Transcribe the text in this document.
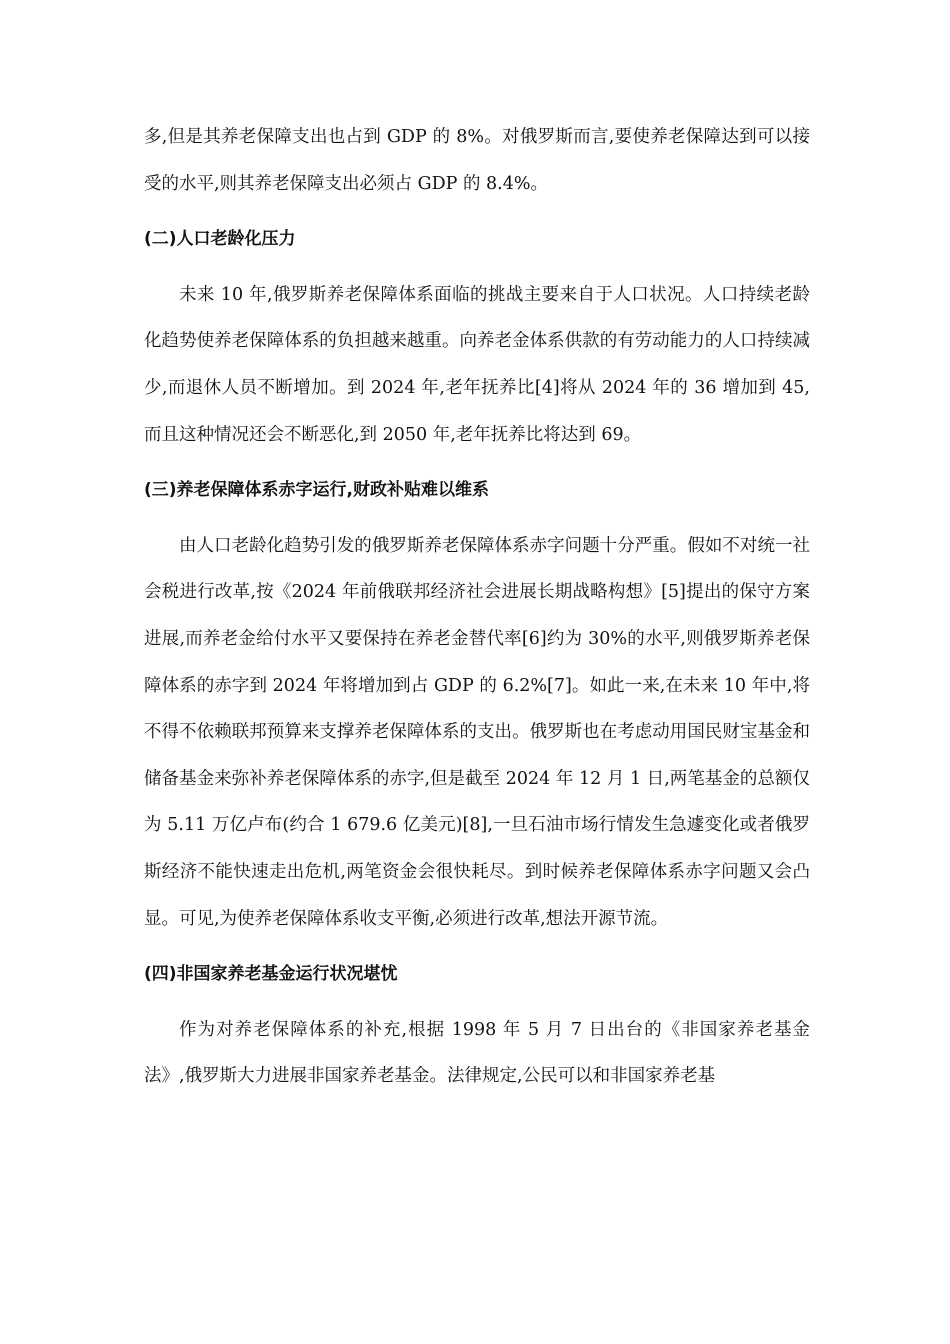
多,但是其养老保障支出也占到 GDP 的 8%。对俄罗斯而言,要使养老保障达到可以接受的水平,则其养老保障支出必须占 GDP 的 8.4%。

(二)人口老龄化压力

未来 10 年,俄罗斯养老保障体系面临的挑战主要来自于人口状况。人口持续老龄化趋势使养老保障体系的负担越来越重。向养老金体系供款的有劳动能力的人口持续减少,而退休人员不断增加。到 2024 年,老年抚养比[4]将从 2024 年的 36 增加到 45,而且这种情况还会不断恶化,到 2050 年,老年抚养比将达到 69。

(三)养老保障体系赤字运行,财政补贴难以维系

由人口老龄化趋势引发的俄罗斯养老保障体系赤字问题十分严重。假如不对统一社会税进行改革,按《2024 年前俄联邦经济社会进展长期战略构想》[5]提出的保守方案进展,而养老金给付水平又要保持在养老金替代率[6]约为 30%的水平,则俄罗斯养老保障体系的赤字到 2024 年将增加到占 GDP 的 6.2%[7]。如此一来,在未来 10 年中,将不得不依赖联邦预算来支撑养老保障体系的支出。俄罗斯也在考虑动用国民财宝基金和储备基金来弥补养老保障体系的赤字,但是截至 2024 年 12 月 1 日,两笔基金的总额仅为 5.11 万亿卢布(约合 1 679.6 亿美元)[8],一旦石油市场行情发生急遽变化或者俄罗斯经济不能快速走出危机,两笔资金会很快耗尽。到时候养老保障体系赤字问题又会凸显。可见,为使养老保障体系收支平衡,必须进行改革,想法开源节流。

(四)非国家养老基金运行状况堪忧

作为对养老保障体系的补充,根据 1998 年 5 月 7 日出台的《非国家养老基金法》,俄罗斯大力进展非国家养老基金。法律规定,公民可以和非国家养老基
